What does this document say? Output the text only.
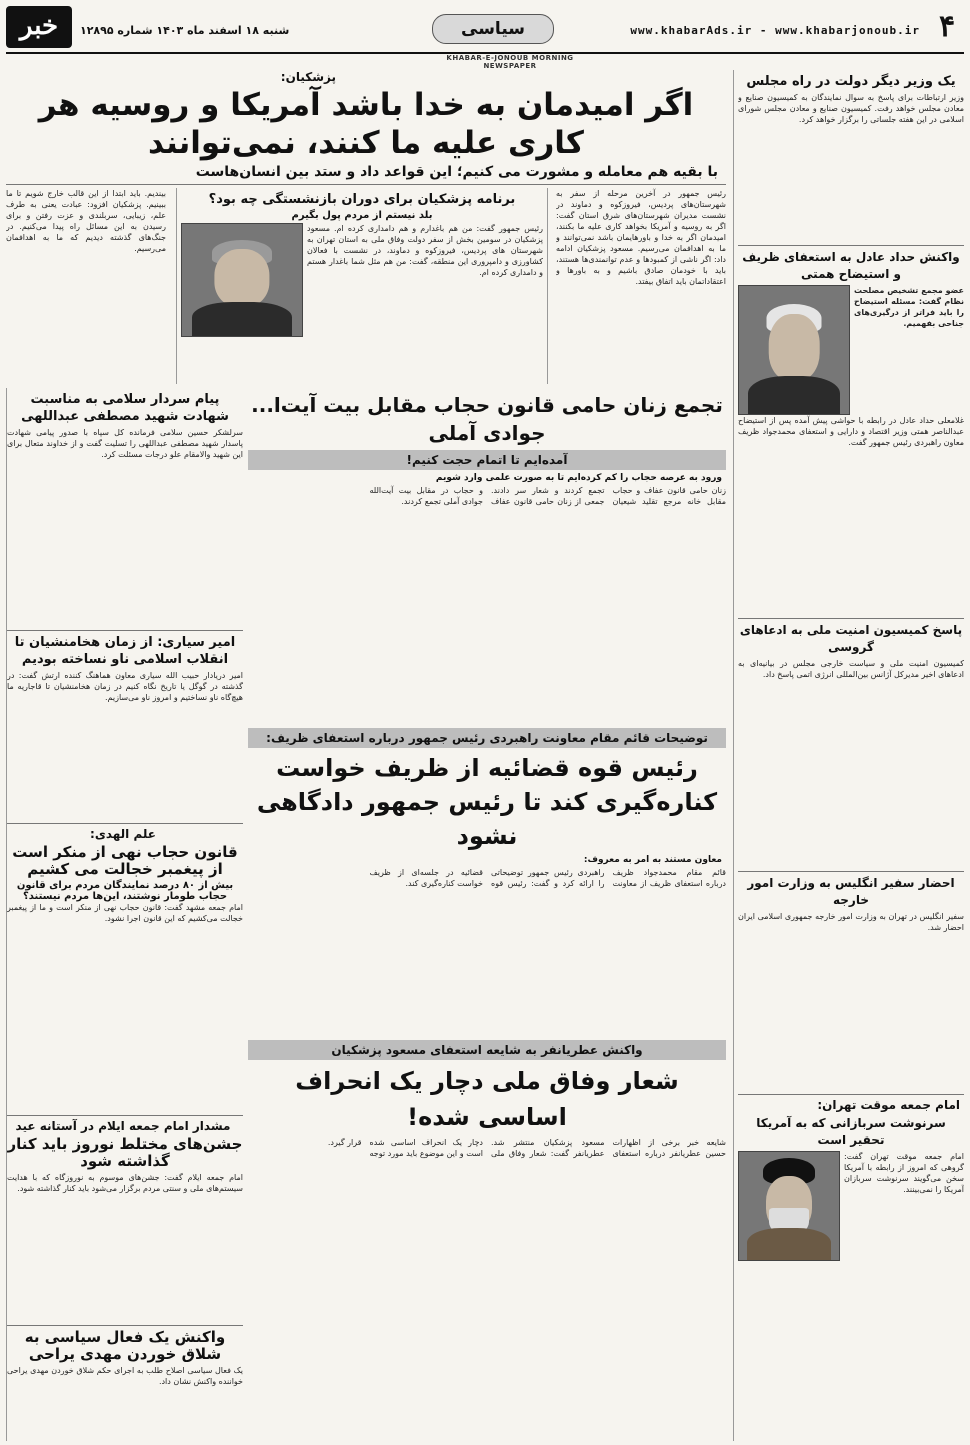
۴
www.khabarAds.ir - www.khabarjonoub.ir
سیاسی
شنبه ۱۸ اسفند ماه ۱۴۰۳ شماره ۱۲۸۹۵
خبر
KHABAR-E-JONOUB MORNING NEWSPAPER
یک وزیر دیگر دولت در راه مجلس
وزیر ارتباطات برای پاسخ به سوال نمایندگان به کمیسیون صنایع و معادن مجلس خواهد رفت. کمیسیون صنایع و معادن مجلس شورای اسلامی در این هفته جلساتی را برگزار خواهد کرد.
واکنش حداد عادل به استعفای ظریف و استیضاح همتی
عضو مجمع تشخیص مصلحت نظام گفت: مسئله استیضاح را باید فراتر از درگیری‌های جناحی بفهمیم.
غلامعلی حداد عادل در رابطه با حواشی پیش آمده پس از استیضاح عبدالناصر همتی وزیر اقتصاد و دارایی و استعفای محمدجواد ظریف معاون راهبردی رئیس جمهور گفت.
پاسخ کمیسیون امنیت ملی به ادعاهای گروسی
کمیسیون امنیت ملی و سیاست خارجی مجلس در بیانیه‌ای به ادعاهای اخیر مدیرکل آژانس بین‌المللی انرژی اتمی پاسخ داد.
احضار سفیر انگلیس به وزارت امور خارجه
سفیر انگلیس در تهران به وزارت امور خارجه جمهوری اسلامی ایران احضار شد.
امام جمعه موقت تهران:
سرنوشت سربازانی که به آمریکا تحقیر است
امام جمعه موقت تهران گفت: گروهی که امروز از رابطه با آمریکا سخن می‌گویند سرنوشت سربازان آمریکا را نمی‌بینند.
پزشکیان:
اگر امیدمان به خدا باشد آمریکا و روسیه هر کاری علیه ما کنند، نمی‌توانند
با بقیه هم معامله و مشورت می کنیم؛ این قواعد داد و ستد بین انسان‌هاست
رئیس جمهور در آخرین مرحله از سفر به شهرستان‌های پردیس، فیروزکوه و دماوند در نشست مدیران شهرستان‌های شرق استان گفت: اگر به روسیه و آمریکا بخواهد کاری علیه ما بکنند، امیدمان اگر به خدا و باورهایمان باشد نمی‌توانند و ما به اهدافمان می‌رسیم. مسعود پزشکیان ادامه داد: اگر ناشی از کمبودها و عدم توانمندی‌ها هستند، باید با خودمان صادق باشیم و به باورها و اعتقاداتمان باید اتفاق بیفتد.
برنامه پزشکیان برای دوران بازنشستگی چه بود؟
بلد نیستم از مردم پول بگیرم
رئیس جمهور گفت: من هم باغدارم و هم دامداری کرده ام. مسعود پزشکیان در سومین بخش از سفر دولت وفاق ملی به استان تهران به شهرستان های پردیس، فیروزکوه و دماوند، در نشست با فعالان کشاورزی و دامپروری این منطقه، گفت: من هم مثل شما باغدار هستم و دامداری کرده ام.
بیندیم. باید ابتدا از این قالب خارج شویم تا ما ببینیم. پزشکیان افزود: عبادت یعنی به طرف علم، زیبایی، سربلندی و عزت رفتن و برای رسیدن به این مسائل راه پیدا می‌کنیم. در جنگ‌های گذشته دیدیم که ما به اهدافمان می‌رسیم.
پیام سردار سلامی به مناسبت شهادت شهید مصطفی عبداللهی
سرلشکر حسین سلامی فرمانده کل سپاه با صدور پیامی شهادت پاسدار شهید مصطفی عبداللهی را تسلیت گفت و از خداوند متعال برای این شهید والامقام علو درجات مسئلت کرد.
امیر سیاری: از زمان هخامنشیان تا انقلاب اسلامی ناو نساخته بودیم
امیر دریادار حبیب الله سیاری معاون هماهنگ کننده ارتش گفت: در گذشته در گوگل یا تاریخ نگاه کنیم در زمان هخامنشیان تا قاجاریه ما هیچ‌گاه ناو نساختیم و امروز ناو می‌سازیم.
علم الهدی:
قانون حجاب نهی از منکر است از پیغمبر خجالت می کشیم
بیش از ۸۰ درصد نمایندگان مردم برای قانون حجاب طومار نوشتند، این‌ها مردم نیستند؟
امام جمعه مشهد گفت: قانون حجاب نهی از منکر است و ما از پیغمبر خجالت می‌کشیم که این قانون اجرا نشود.
مشدار امام جمعه ایلام در آستانه عید
جشن‌های مختلط نوروز باید کنار گذاشته شود
امام جمعه ایلام گفت: جشن‌های موسوم به نوروزگاه که با هدایت سیستم‌های ملی و سنتی مردم برگزار می‌شود باید کنار گذاشته شود.
واکنش یک فعال سیاسی به شلاق خوردن مهدی یراحی
یک فعال سیاسی اصلاح طلب به اجرای حکم شلاق خوردن مهدی یراحی خواننده واکنش نشان داد.
تجمع زنان حامی قانون حجاب مقابل بیت آیت‌ا... جوادی آملی
آمده‌ایم تا اتمام حجت کنیم!
ورود به عرصه حجاب را کم کرده‌ایم تا به صورت علمی وارد شویم
زنان حامی قانون عفاف و حجاب مقابل خانه مرجع تقلید شیعیان تجمع کردند و شعار سر دادند. جمعی از زنان حامی قانون عفاف و حجاب در مقابل بیت آیت‌الله جوادی آملی تجمع کردند.
توضیحات قائم مقام معاونت راهبردی رئیس جمهور درباره استعفای ظریف:
رئیس قوه قضائیه از ظریف خواست کناره‌گیری کند تا رئیس جمهور دادگاهی نشود
معاون مستند به امر به معروف:
قائم مقام محمدجواد ظریف درباره استعفای ظریف از معاونت راهبردی رئیس جمهور توضیحاتی را ارائه کرد و گفت: رئیس قوه قضائیه در جلسه‌ای از ظریف خواست کناره‌گیری کند.
واکنش عطریانفر به شایعه استعفای مسعود پزشکیان
شعار وفاق ملی دچار یک انحراف اساسی شده!
شایعه خبر برخی از اظهارات حسین عطریانفر درباره استعفای مسعود پزشکیان منتشر شد. عطریانفر گفت: شعار وفاق ملی دچار یک انحراف اساسی شده است و این موضوع باید مورد توجه قرار گیرد.
